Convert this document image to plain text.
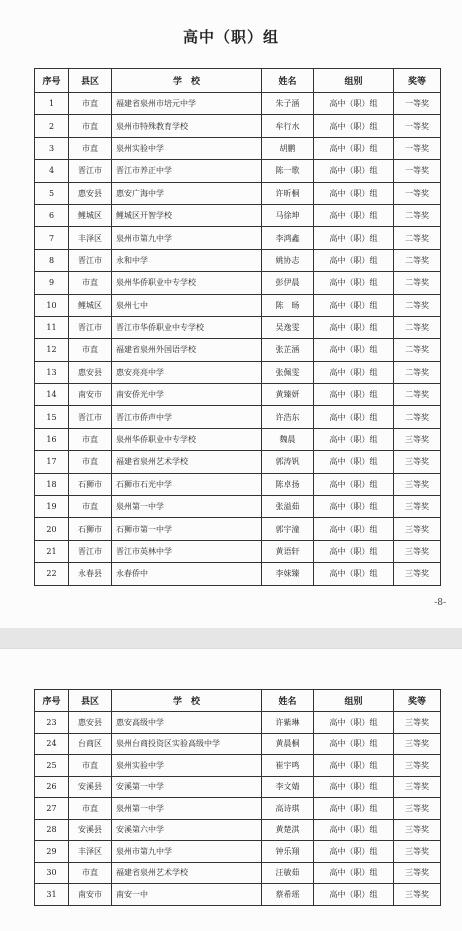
高中（职）组
序号	县区	学　校	姓名	组别	奖等
1	市直	福建省泉州市培元中学	朱子涵	高中（职）组	一等奖
2	市直	泉州市特殊教育学校	牟行水	高中（职）组	一等奖
3	市直	泉州实验中学	胡鹏	高中（职）组	一等奖
4	晋江市	晋江市养正中学	陈一歌	高中（职）组	一等奖
5	惠安县	惠安广海中学	许昕桐	高中（职）组	一等奖
6	鲤城区	鲤城区开智学校	马徐坤	高中（职）组	二等奖
7	丰泽区	泉州市第九中学	李鸿鑫	高中（职）组	二等奖
8	晋江市	永和中学	姚协志	高中（职）组	二等奖
9	市直	泉州华侨职业中专学校	彭伊晨	高中（职）组	二等奖
10	鲤城区	泉州七中	陈　旸	高中（职）组	二等奖
11	晋江市	晋江市华侨职业中专学校	吴逸雯	高中（职）组	二等奖
12	市直	福建省泉州外国语学校	张芷涵	高中（职）组	二等奖
13	惠安县	惠安亮亮中学	张佩雯	高中（职）组	二等奖
14	南安市	南安侨光中学	黄臻妍	高中（职）组	二等奖
15	晋江市	晋江市侨声中学	许浩东	高中（职）组	二等奖
16	市直	泉州华侨职业中专学校	魏晨	高中（职）组	三等奖
17	市直	福建省泉州艺术学校	郭涛钒	高中（职）组	三等奖
18	石狮市	石狮市石光中学	陈卓扬	高中（职）组	三等奖
19	市直	泉州第一中学	张溢茹	高中（职）组	三等奖
20	石狮市	石狮市第一中学	郭宇潼	高中（职）组	三等奖
21	晋江市	晋江市英林中学	黄语轩	高中（职）组	三等奖
22	永春县	永春侨中	李妹臻	高中（职）组	三等奖
-8-
序号	县区	学　校	姓名	组别	奖等
23	惠安县	惠安高级中学	许紫琳	高中（职）组	三等奖
24	台商区	泉州台商投资区实验高级中学	黄晨桐	高中（职）组	三等奖
25	市直	泉州实验中学	崔宇鸣	高中（职）组	三等奖
26	安溪县	安溪第一中学	李文婧	高中（职）组	三等奖
27	市直	泉州第一中学	高诗琪	高中（职）组	三等奖
28	安溪县	安溪第六中学	黄楚淇	高中（职）组	三等奖
29	丰泽区	泉州市第九中学	钟乐翔	高中（职）组	三等奖
30	市直	福建省泉州艺术学校	汪敏茹	高中（职）组	三等奖
31	南安市	南安一中	蔡希瑶	高中（职）组	三等奖
